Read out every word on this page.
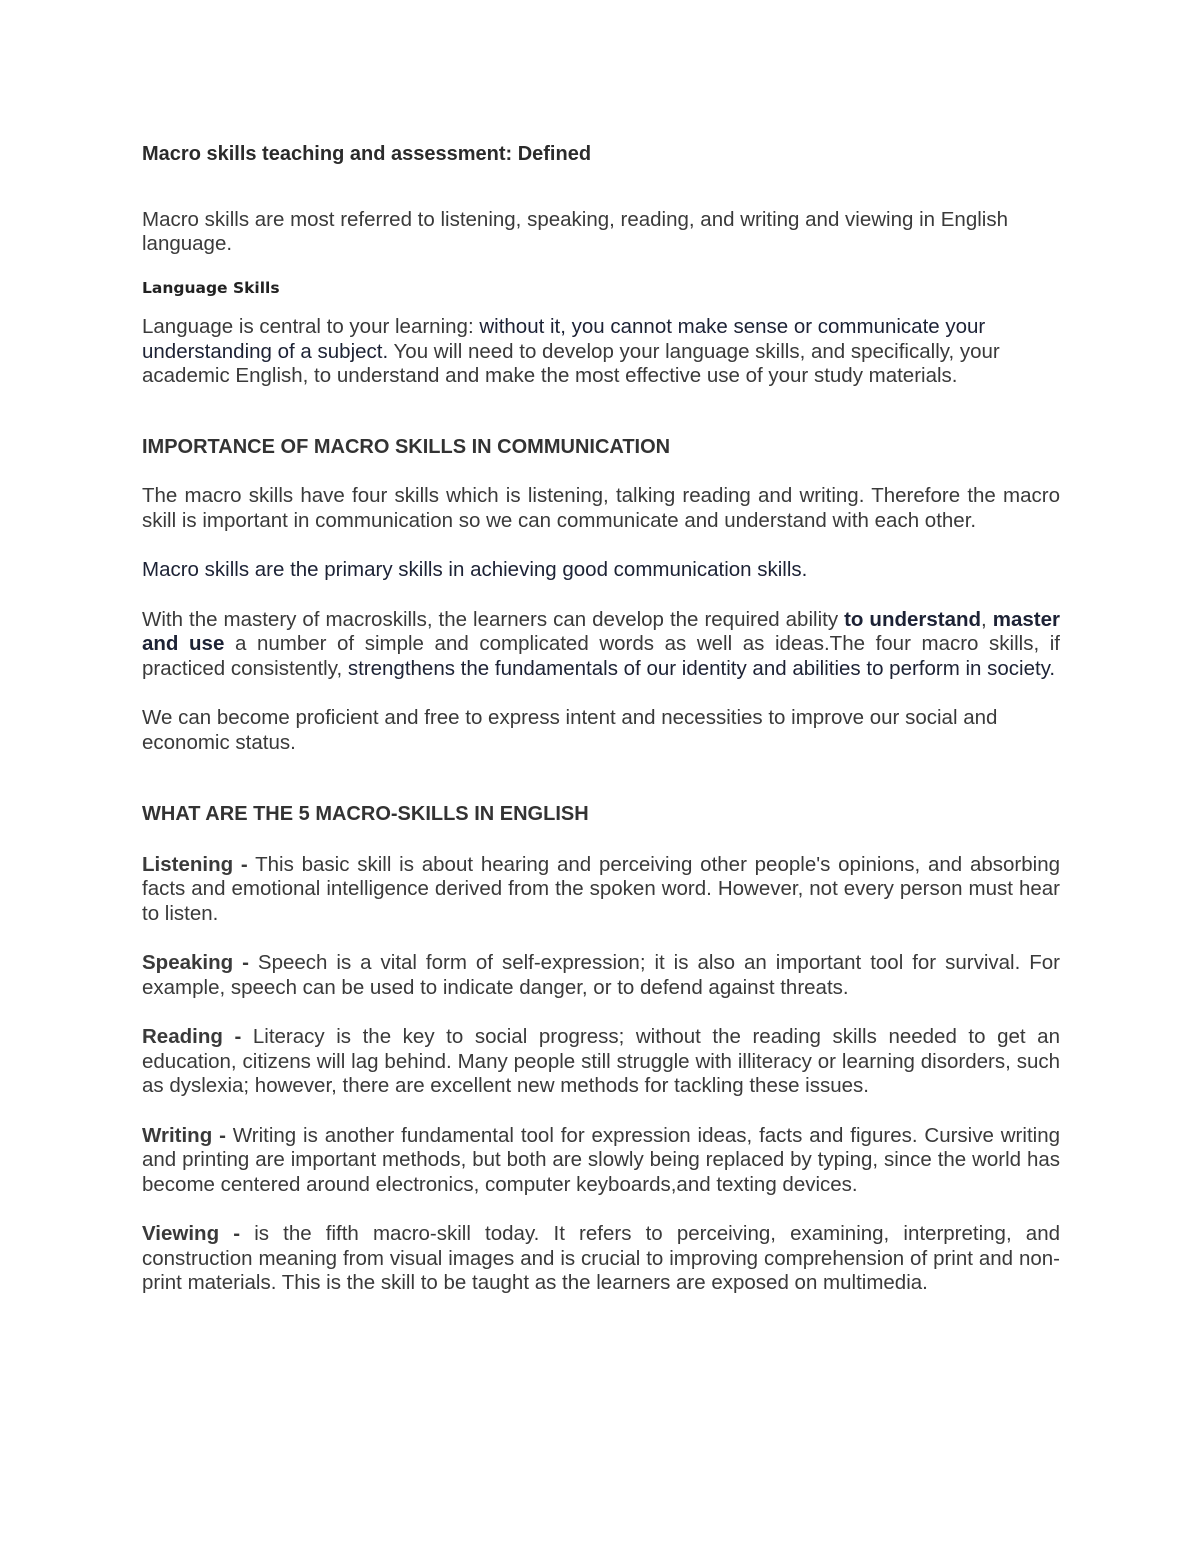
Macro skills teaching and assessment: Defined

Macro skills are most referred to listening, speaking, reading, and writing and viewing in English language.

Language Skills

Language is central to your learning: without it, you cannot make sense or communicate your understanding of a subject. You will need to develop your language skills, and specifically, your academic English, to understand and make the most effective use of your study materials.

IMPORTANCE OF MACRO SKILLS IN COMMUNICATION

The macro skills have four skills which is listening, talking reading and writing. Therefore the macro skill is important in communication so we can communicate and understand with each other.

Macro skills are the primary skills in achieving good communication skills.

With the mastery of macroskills, the learners can develop the required ability to understand, master and use a number of simple and complicated words as well as ideas.The four macro skills, if practiced consistently, strengthens the fundamentals of our identity and abilities to perform in society.

We can become proficient and free to express intent and necessities to improve our social and economic status.

WHAT ARE THE 5 MACRO-SKILLS IN ENGLISH

Listening - This basic skill is about hearing and perceiving other people's opinions, and absorbing facts and emotional intelligence derived from the spoken word. However, not every person must hear to listen.

Speaking - Speech is a vital form of self-expression; it is also an important tool for survival. For example, speech can be used to indicate danger, or to defend against threats.

Reading - Literacy is the key to social progress; without the reading skills needed to get an education, citizens will lag behind. Many people still struggle with illiteracy or learning disorders, such as dyslexia; however, there are excellent new methods for tackling these issues.

Writing - Writing is another fundamental tool for expression ideas, facts and figures. Cursive writing and printing are important methods, but both are slowly being replaced by typing, since the world has become centered around electronics, computer keyboards,and texting devices.

Viewing - is the fifth macro-skill today. It refers to perceiving, examining, interpreting, and construction meaning from visual images and is crucial to improving comprehension of print and non-print materials. This is the skill to be taught as the learners are exposed on multimedia.
